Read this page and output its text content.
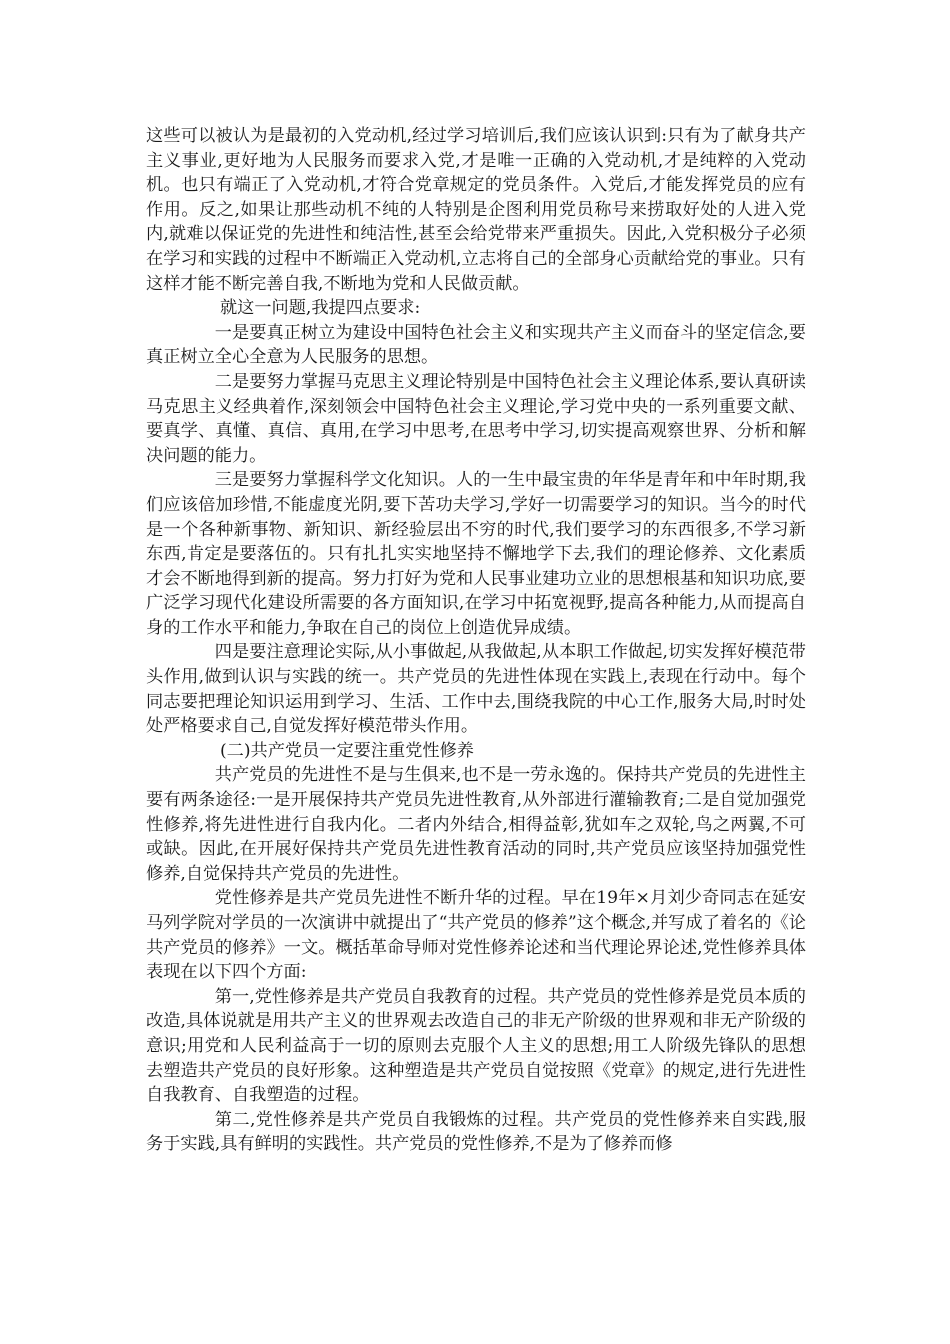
这些可以被认为是最初的入党动机,经过学习培训后,我们应该认识到:只有为了献身共产主义事业,更好地为人民服务而要求入党,才是唯一正确的入党动机,才是纯粹的入党动机。也只有端正了入党动机,才符合党章规定的党员条件。入党后,才能发挥党员的应有作用。反之,如果让那些动机不纯的人特别是企图利用党员称号来捞取好处的人进入党内,就难以保证党的先进性和纯洁性,甚至会给党带来严重损失。因此,入党积极分子必须在学习和实践的过程中不断端正入党动机,立志将自己的全部身心贡献给党的事业。只有这样才能不断完善自我,不断地为党和人民做贡献。

就这一问题,我提四点要求:

一是要真正树立为建设中国特色社会主义和实现共产主义而奋斗的坚定信念,要真正树立全心全意为人民服务的思想。

二是要努力掌握马克思主义理论特别是中国特色社会主义理论体系,要认真研读马克思主义经典着作,深刻领会中国特色社会主义理论,学习党中央的一系列重要文献、要真学、真懂、真信、真用,在学习中思考,在思考中学习,切实提高观察世界、分析和解决问题的能力。

三是要努力掌握科学文化知识。人的一生中最宝贵的年华是青年和中年时期,我们应该倍加珍惜,不能虚度光阴,要下苦功夫学习,学好一切需要学习的知识。当今的时代是一个各种新事物、新知识、新经验层出不穷的时代,我们要学习的东西很多,不学习新东西,肯定是要落伍的。只有扎扎实实地坚持不懈地学下去,我们的理论修养、文化素质才会不断地得到新的提高。努力打好为党和人民事业建功立业的思想根基和知识功底,要广泛学习现代化建设所需要的各方面知识,在学习中拓宽视野,提高各种能力,从而提高自身的工作水平和能力,争取在自己的岗位上创造优异成绩。

四是要注意理论实际,从小事做起,从我做起,从本职工作做起,切实发挥好模范带头作用,做到认识与实践的统一。共产党员的先进性体现在实践上,表现在行动中。每个同志要把理论知识运用到学习、生活、工作中去,围绕我院的中心工作,服务大局,时时处处严格要求自己,自觉发挥好模范带头作用。

(二)共产党员一定要注重党性修养

共产党员的先进性不是与生俱来,也不是一劳永逸的。保持共产党员的先进性主要有两条途径:一是开展保持共产党员先进性教育,从外部进行灌输教育;二是自觉加强党性修养,将先进性进行自我内化。二者内外结合,相得益彰,犹如车之双轮,鸟之两翼,不可或缺。因此,在开展好保持共产党员先进性教育活动的同时,共产党员应该坚持加强党性修养,自觉保持共产党员的先进性。

党性修养是共产党员先进性不断升华的过程。早在19年×月刘少奇同志在延安马列学院对学员的一次演讲中就提出了“共产党员的修养”这个概念,并写成了着名的《论共产党员的修养》一文。概括革命导师对党性修养论述和当代理论界论述,党性修养具体表现在以下四个方面:

第一,党性修养是共产党员自我教育的过程。共产党员的党性修养是党员本质的改造,具体说就是用共产主义的世界观去改造自己的非无产阶级的世界观和非无产阶级的意识;用党和人民利益高于一切的原则去克服个人主义的思想;用工人阶级先锋队的思想去塑造共产党员的良好形象。这种塑造是共产党员自觉按照《党章》的规定,进行先进性自我教育、自我塑造的过程。

第二,党性修养是共产党员自我锻炼的过程。共产党员的党性修养来自实践,服务于实践,具有鲜明的实践性。共产党员的党性修养,不是为了修养而修
